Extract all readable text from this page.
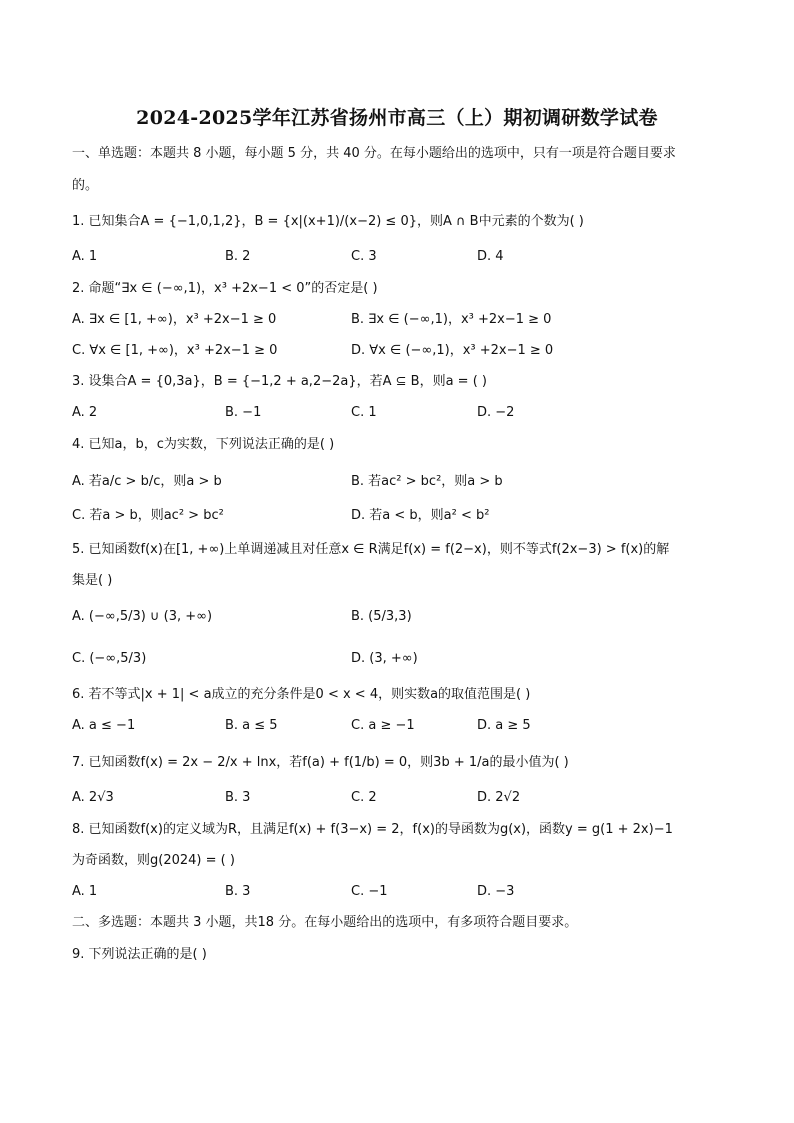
2024-2025学年江苏省扬州市高三（上）期初调研数学试卷
一、单选题：本题共 8 小题，每小题 5 分，共 40 分。在每小题给出的选项中，只有一项是符合题目要求
的。
1. 已知集合A = {−1,0,1,2}，B = {x|(x+1)/(x−2) ≤ 0}，则A ∩ B中元素的个数为( )
A. 1	B. 2	C. 3	D. 4
2. 命题“∃x ∈ (−∞,1)，x³ +2x−1 < 0”的否定是( )
A. ∃x ∈ [1, +∞)，x³ +2x−1 ≥ 0	B. ∃x ∈ (−∞,1)，x³ +2x−1 ≥ 0
C. ∀x ∈ [1, +∞)，x³ +2x−1 ≥ 0	D. ∀x ∈ (−∞,1)，x³ +2x−1 ≥ 0
3. 设集合A = {0,3a}，B = {−1,2 + a,2−2a}，若A ⊆ B，则a = ( )
A. 2	B. −1	C. 1	D. −2
4. 已知a，b，c为实数，下列说法正确的是( )
A. 若a/c > b/c，则a > b	B. 若ac² > bc²，则a > b
C. 若a > b，则ac² > bc²	D. 若a < b，则a² < b²
5. 已知函数f(x)在[1, +∞)上单调递减且对任意x ∈ R满足f(x) = f(2−x)，则不等式f(2x−3) > f(x)的解
集是( )
A. (−∞,5/3) ∪ (3, +∞)	B. (5/3,3)
C. (−∞,5/3)	D. (3, +∞)
6. 若不等式|x + 1| < a成立的充分条件是0 < x < 4，则实数a的取值范围是( )
A. a ≤ −1	B. a ≤ 5	C. a ≥ −1	D. a ≥ 5
7. 已知函数f(x) = 2x − 2/x + lnx，若f(a) + f(1/b) = 0，则3b + 1/a的最小值为( )
A. 2√3	B. 3	C. 2	D. 2√2
8. 已知函数f(x)的定义域为R，且满足f(x) + f(3−x) = 2，f(x)的导函数为g(x)，函数y = g(1 + 2x)−1
为奇函数，则g(2024) = ( )
A. 1	B. 3	C. −1	D. −3
二、多选题：本题共 3 小题，共18 分。在每小题给出的选项中，有多项符合题目要求。
9. 下列说法正确的是( )
